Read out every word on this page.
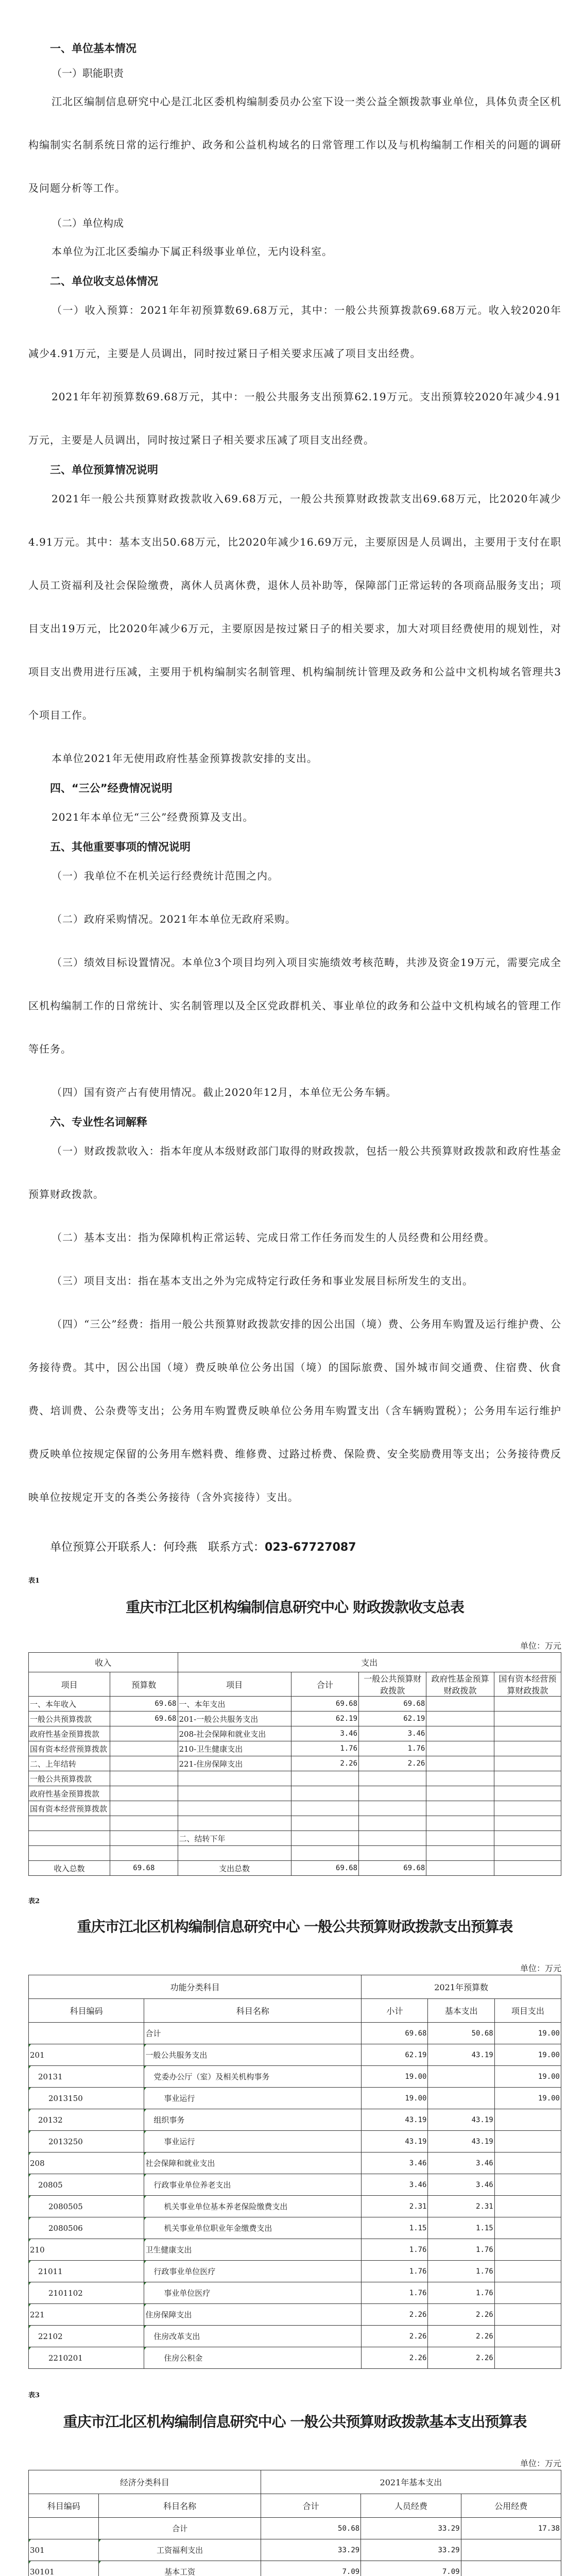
一、单位基本情况

（一）职能职责

江北区编制信息研究中心是江北区委机构编制委员办公室下设一类公益全额拨款事业单位，具体负责全区机构编制实名制系统日常的运行维护、政务和公益机构域名的日常管理工作以及与机构编制工作相关的问题的调研及问题分析等工作。

（二）单位构成

本单位为江北区委编办下属正科级事业单位，无内设科室。

二、单位收支总体情况

（一）收入预算：2021年年初预算数69.68万元，其中：一般公共预算拨款69.68万元。收入较2020年减少4.91万元，主要是人员调出，同时按过紧日子相关要求压减了项目支出经费。

2021年年初预算数69.68万元，其中：一般公共服务支出预算62.19万元。支出预算较2020年减少4.91万元，主要是人员调出，同时按过紧日子相关要求压减了项目支出经费。

三、单位预算情况说明

2021年一般公共预算财政拨款收入69.68万元，一般公共预算财政拨款支出69.68万元，比2020年减少4.91万元。其中：基本支出50.68万元，比2020年减少16.69万元，主要原因是人员调出，主要用于支付在职人员工资福利及社会保险缴费，离休人员离休费，退休人员补助等，保障部门正常运转的各项商品服务支出；项目支出19万元，比2020年减少6万元，主要原因是按过紧日子的相关要求，加大对项目经费使用的规划性，对项目支出费用进行压减，主要用于机构编制实名制管理、机构编制统计管理及政务和公益中文机构域名管理共3个项目工作。

本单位2021年无使用政府性基金预算拨款安排的支出。

四、“三公”经费情况说明

2021年本单位无“三公”经费预算及支出。

五、其他重要事项的情况说明

（一）我单位不在机关运行经费统计范围之内。

（二）政府采购情况。2021年本单位无政府采购。

（三）绩效目标设置情况。本单位3个项目均列入项目实施绩效考核范畴，共涉及资金19万元，需要完成全区机构编制工作的日常统计、实名制管理以及全区党政群机关、事业单位的政务和公益中文机构域名的管理工作等任务。

（四）国有资产占有使用情况。截止2020年12月，本单位无公务车辆。

六、专业性名词解释

（一）财政拨款收入：指本年度从本级财政部门取得的财政拨款，包括一般公共预算财政拨款和政府性基金预算财政拨款。

（二）基本支出：指为保障机构正常运转、完成日常工作任务而发生的人员经费和公用经费。

（三）项目支出：指在基本支出之外为完成特定行政任务和事业发展目标所发生的支出。

（四）“三公”经费：指用一般公共预算财政拨款安排的因公出国（境）费、公务用车购置及运行维护费、公务接待费。其中，因公出国（境）费反映单位公务出国（境）的国际旅费、国外城市间交通费、住宿费、伙食费、培训费、公杂费等支出；公务用车购置费反映单位公务用车购置支出（含车辆购置税）；公务用车运行维护费反映单位按规定保留的公务用车燃料费、维修费、过路过桥费、保险费、安全奖励费用等支出；公务接待费反映单位按规定开支的各类公务接待（含外宾接待）支出。

单位预算公开联系人：何玲燕 联系方式：023-67727087

表1

重庆市江北区机构编制信息研究中心 财政拨款收支总表

单位：万元

收入		支出				
项目	预算数	项目	合计	一般公共预算财政拨款	政府性基金预算财政拨款	国有资本经营预算财政拨款
一、本年收入	69.68	一、本年支出	69.68	69.68		
一般公共预算拨款	69.68	201-一般公共服务支出	62.19	62.19		
政府性基金预算拨款		208-社会保障和就业支出	3.46	3.46		
国有资本经营预算拨款		210-卫生健康支出	1.76	1.76		
二、上年结转		221-住房保障支出	2.26	2.26		
一般公共预算拨款						
政府性基金预算拨款						
国有资本经营预算拨款						

		二、结转下年				

收入总数	69.68	支出总数	69.68	69.68		

表2

重庆市江北区机构编制信息研究中心 一般公共预算财政拨款支出预算表

单位：万元

功能分类科目		2021年预算数		
科目编码	科目名称	小计	基本支出	项目支出
	合计	69.68	50.68	19.00
201	一般公共服务支出	62.19	43.19	19.00
20131	党委办公厅（室）及相关机构事务	19.00		19.00
2013150	事业运行	19.00		19.00
20132	组织事务	43.19	43.19	
2013250	事业运行	43.19	43.19	
208	社会保障和就业支出	3.46	3.46	
20805	行政事业单位养老支出	3.46	3.46	
2080505	机关事业单位基本养老保险缴费支出	2.31	2.31	
2080506	机关事业单位职业年金缴费支出	1.15	1.15	
210	卫生健康支出	1.76	1.76	
21011	行政事业单位医疗	1.76	1.76	
2101102	事业单位医疗	1.76	1.76	
221	住房保障支出	2.26	2.26	
22102	住房改革支出	2.26	2.26	
2210201	住房公积金	2.26	2.26	

表3

重庆市江北区机构编制信息研究中心 一般公共预算财政拨款基本支出预算表

单位：万元

经济分类科目		2021年基本支出		
科目编码	科目名称	合计	人员经费	公用经费
	合计	50.68	33.29	17.38
301	工资福利支出	33.29	33.29	
30101	基本工资	7.09	7.09	
